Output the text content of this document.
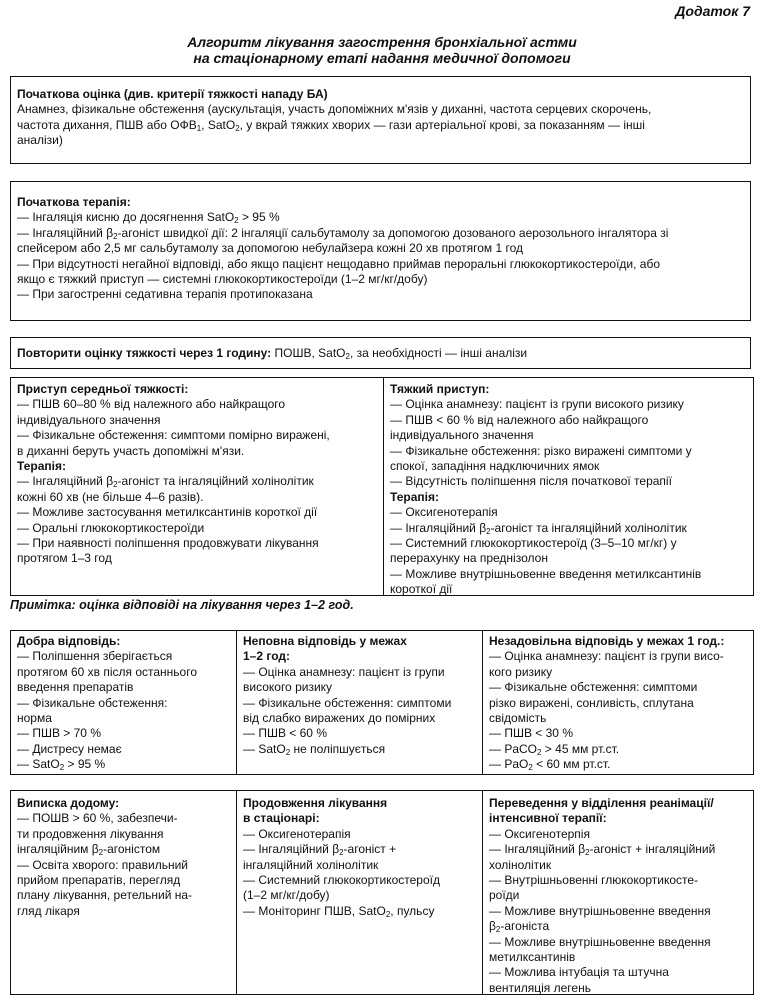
Додаток 7
Алгоритм лікування загострення бронхіальної астми
на стаціонарному етапі надання медичної допомоги
Початкова оцінка (див. критерії тяжкості нападу БА)
Анамнез, фізикальне обстеження (аускультація, участь допоміжних м'язів у диханні, частота серцевих скорочень,
частота дихання, ПШВ або $ОФВ_1$, SatO$_2$, у вкрай тяжких хворих — гази артеріальної крові, за показанням — інші
аналізи)
Початкова терапія:
— Інгаляція кисню до досягнення SatO$_2$ > 95 %
— Інгаляційний $\beta_2$-агоніст швидкої дії: 2 інгаляції сальбутамолу за допомогою дозованого аерозольного інгалятора зі
спейсером або 2,5 мг сальбутамолу за допомогою небулайзера кожні 20 хв протягом 1 год
— При відсутності негайної відповіді, або якщо пацієнт нещодавно приймав пероральні глюкокортикостероїди, або
якщо є тяжкий приступ — системні глюкокортикостероїди (1–2 мг/кг/добу)
— При загостренні седативна терапія протипоказана
Повторити оцінку тяжкості через 1 годину: ПОШВ, SatO$_2$, за необхідності — інші аналізи
Приступ середньої тяжкості:
— ПШВ 60–80 % від належного або найкращого
індивідуального значення
— Фізикальне обстеження: симптоми помірно виражені,
в диханні беруть участь допоміжні м'язи.
Терапія:
— Інгаляційний $\beta_2$-агоніст та інгаляційний холінолітик
кожні 60 хв (не більше 4–6 разів).
— Можливе застосування метилксантинів короткої дії
— Оральні глюкокортикостероїди
— При наявності поліпшення продовжувати лікування
протягом 1–3 год
Тяжкий приступ:
— Оцінка анамнезу: пацієнт із групи високого ризику
— ПШВ < 60 % від належного або найкращого
індивідуального значення
— Фізикальне обстеження: різко виражені симптоми у
спокої, западіння надключичних ямок
— Відсутність поліпшення після початкової терапії
Терапія:
— Оксигенотерапія
— Інгаляційний $\beta_2$-агоніст та інгаляційний холінолітик
— Системний глюкокортикостероїд (3–5–10 мг/кг) у
перерахунку на преднізолон
— Можливе внутрішньовенне введення метилксантинів
короткої дії
Примітка: оцінка відповіді на лікування через 1–2 год.
Добра відповідь:
— Поліпшення зберігається
протягом 60 хв після останнього
введення препаратів
— Фізикальне обстеження:
норма
— ПШВ > 70 %
— Дистресу немає
— SatO$_2$ > 95 %
Неповна відповідь у межах
1–2 год:
— Оцінка анамнезу: пацієнт із групи
високого ризику
— Фізикальне обстеження: симптоми
від слабко виражених до помірних
— ПШВ < 60 %
— SatO$_2$ не поліпшується
Незадовільна відповідь у межах 1 год.:
— Оцінка анамнезу: пацієнт із групи висо-
кого ризику
— Фізикальне обстеження: симптоми
різко виражені, сонливість, сплутана
свідомість
— ПШВ < 30 %
— PaCO$_2$ > 45 мм рт.ст.
— PaO$_2$ < 60 мм рт.ст.
Виписка додому:
— ПОШВ > 60 %, забезпечи-
ти продовження лікування
інгаляційним $\beta_2$-агоністом
— Освіта хворого: правильний
прийом препаратів, перегляд
плану лікування, ретельний на-
гляд лікаря
Продовження лікування
в стаціонарі:
— Оксигенотерапія
— Інгаляційний $\beta_2$-агоніст +
інгаляційний холінолітик
— Системний глюкокортикостероїд
(1–2 мг/кг/добу)
— Моніторинг ПШВ, SatO$_2$, пульсу
Переведення у відділення реанімації/
інтенсивної терапії:
— Оксигенотерпія
— Інгаляційний $\beta_2$-агоніст + інгаляційний
холінолітик
— Внутрішньовенні глюкокортикосте-
роїди
— Можливе внутрішньовенне введення
$\beta_2$-агоніста
— Можливе внутрішньовенне введення
метилксантинів
— Можлива інтубація та штучна
вентиляція легень
